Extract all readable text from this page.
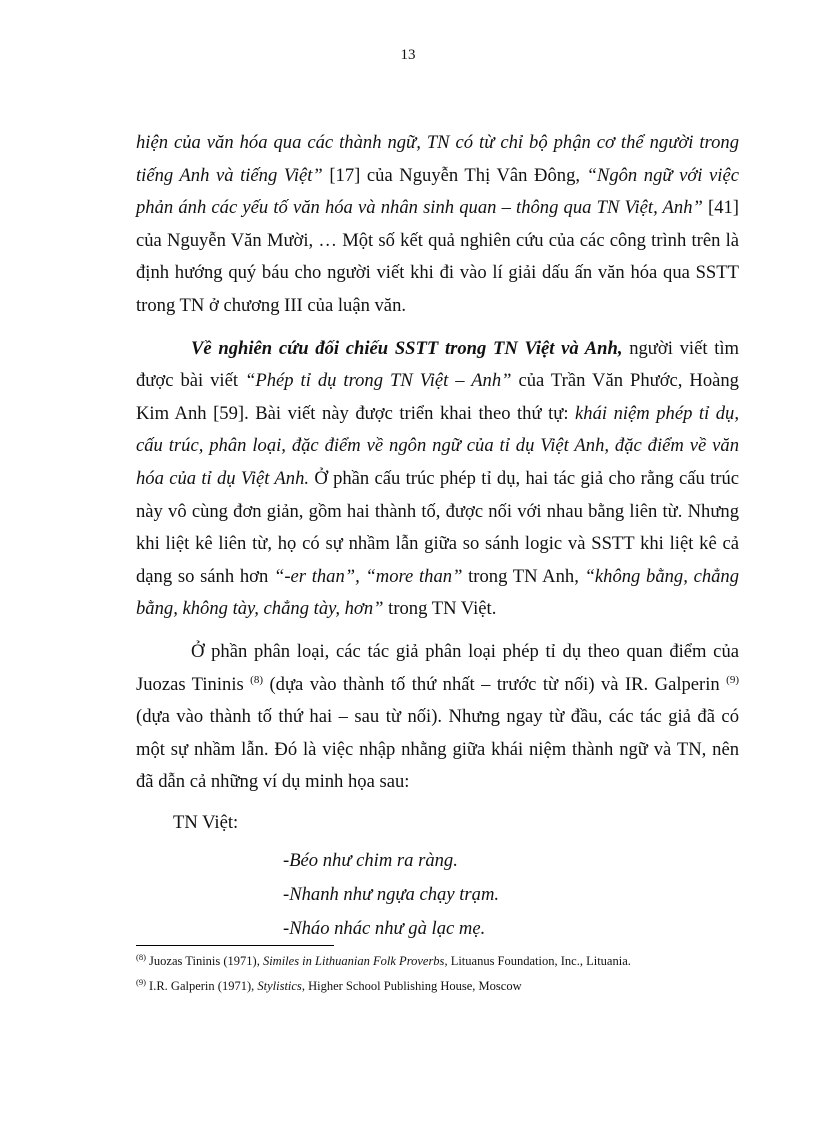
13

hiện của văn hóa qua các thành ngữ, TN có từ chỉ bộ phận cơ thể người trong tiếng Anh và tiếng Việt” [17] của Nguyễn Thị Vân Đông, “Ngôn ngữ với việc phản ánh các yếu tố văn hóa và nhân sinh quan – thông qua TN Việt, Anh” [41] của Nguyễn Văn Mười, … Một số kết quả nghiên cứu của các công trình trên là định hướng quý báu cho người viết khi đi vào lí giải dấu ấn văn hóa qua SSTT trong TN ở chương III của luận văn.

Về nghiên cứu đối chiếu SSTT trong TN Việt và Anh, người viết tìm được bài viết “Phép tỉ dụ trong TN Việt – Anh” của Trần Văn Phước, Hoàng Kim Anh [59]. Bài viết này được triển khai theo thứ tự: khái niệm phép tỉ dụ, cấu trúc, phân loại, đặc điểm về ngôn ngữ của tỉ dụ Việt Anh, đặc điểm về văn hóa của tỉ dụ Việt Anh. Ở phần cấu trúc phép tỉ dụ, hai tác giả cho rằng cấu trúc này vô cùng đơn giản, gồm hai thành tố, được nối với nhau bằng liên từ. Nhưng khi liệt kê liên từ, họ có sự nhầm lẫn giữa so sánh logic và SSTT khi liệt kê cả dạng so sánh hơn “-er than”, “more than” trong TN Anh, “không bằng, chẳng bằng, không tày, chẳng tày, hơn” trong TN Việt.

Ở phần phân loại, các tác giả phân loại phép tỉ dụ theo quan điểm của Juozas Tininis $^{(8)}$ (dựa vào thành tố thứ nhất – trước từ nối) và IR. Galperin $^{(9)}$ (dựa vào thành tố thứ hai – sau từ nối). Nhưng ngay từ đầu, các tác giả đã có một sự nhầm lẫn. Đó là việc nhập nhằng giữa khái niệm thành ngữ và TN, nên đã dẫn cả những ví dụ minh họa sau:

TN Việt:

-Béo như chim ra ràng.
-Nhanh như ngựa chạy trạm.
-Nháo nhác như gà lạc mẹ.

$^{(8)}$ Juozas Tininis (1971), Similes in Lithuanian Folk Proverbs, Lituanus Foundation, Inc., Lituania.

$^{(9)}$ I.R. Galperin (1971), Stylistics, Higher School Publishing House, Moscow
